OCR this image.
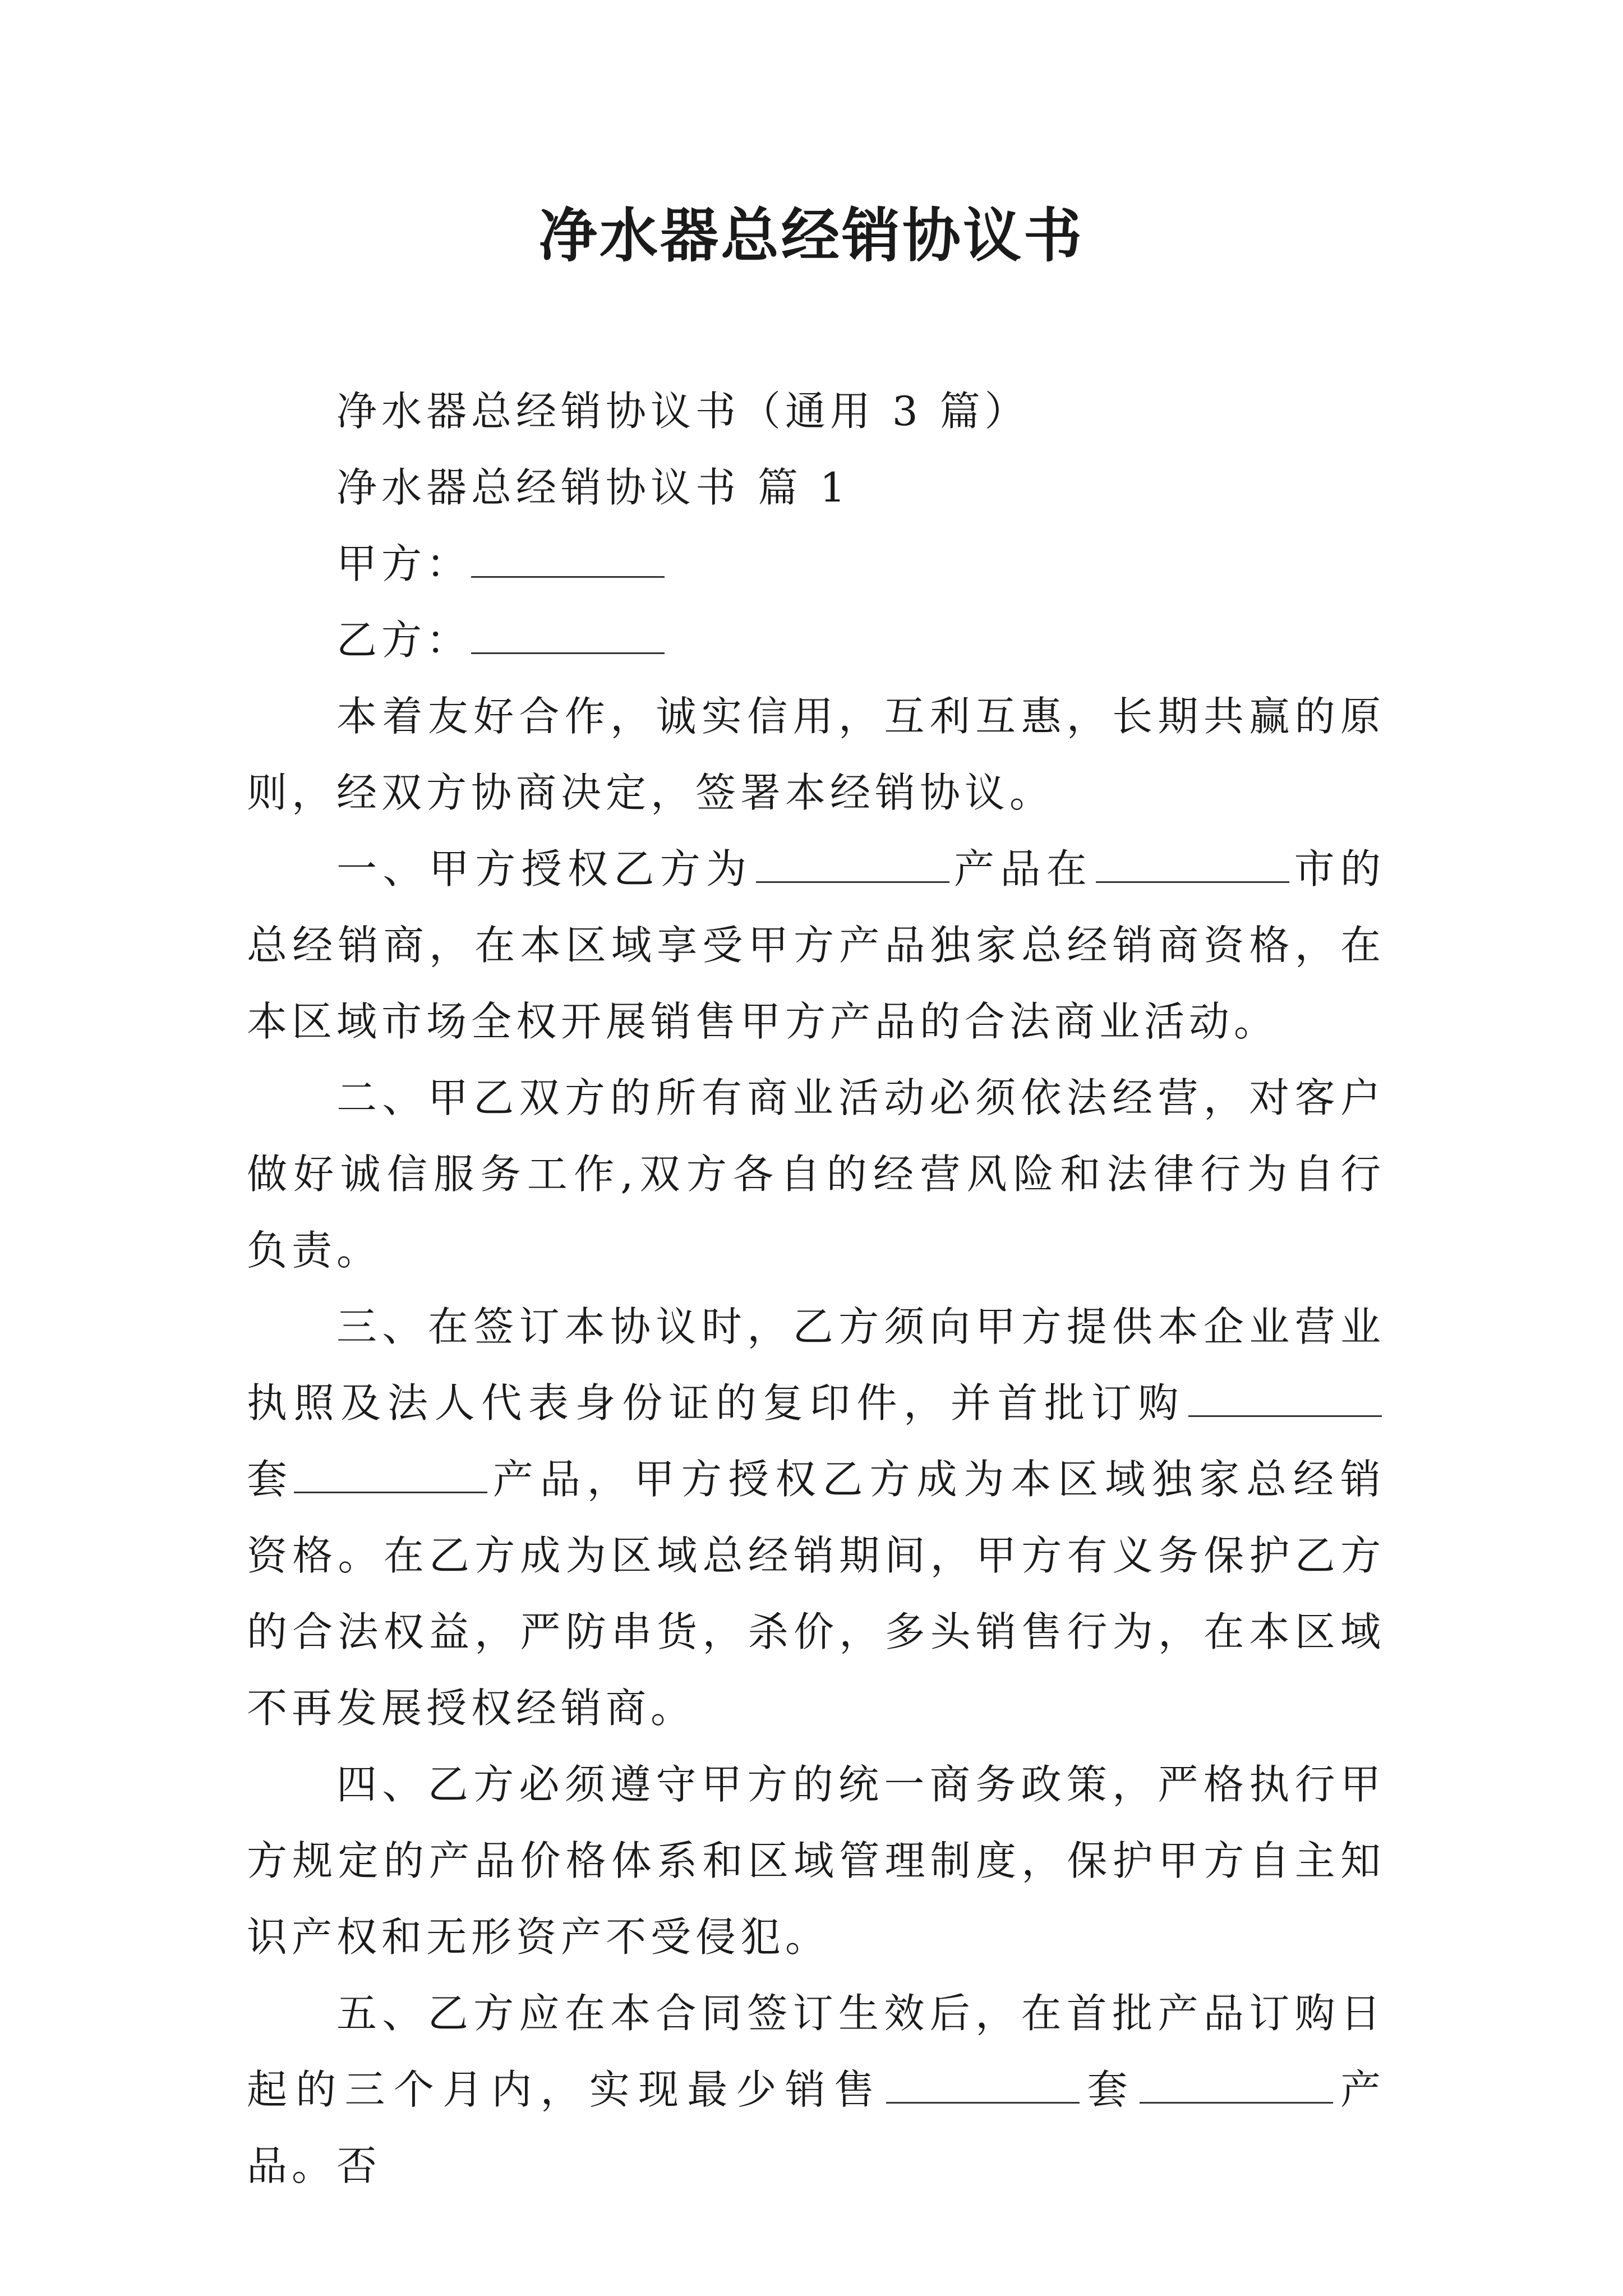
净水器总经销协议书

净水器总经销协议书（通用 3 篇）

净水器总经销协议书 篇 1

甲方：

乙方：

本着友好合作，诚实信用，互利互惠，长期共赢的原则，经双方协商决定，签署本经销协议。

一、甲方授权乙方为	产品在	市的总经销商，在本区域享受甲方产品独家总经销商资格，在本区域市场全权开展销售甲方产品的合法商业活动。

二、甲乙双方的所有商业活动必须依法经营，对客户做好诚信服务工作,双方各自的经营风险和法律行为自行负责。

三、在签订本协议时，乙方须向甲方提供本企业营业执照及法人代表身份证的复印件，并首批订购套	产品，甲方授权乙方成为本区域独家总经销资格。在乙方成为区域总经销期间，甲方有义务保护乙方的合法权益，严防串货，杀价，多头销售行为，在本区域不再发展授权经销商。

四、乙方必须遵守甲方的统一商务政策，严格执行甲方规定的产品价格体系和区域管理制度，保护甲方自主知识产权和无形资产不受侵犯。

五、乙方应在本合同签订生效后，在首批产品订购日起的三个月内，实现最少销售	套	产品。否
